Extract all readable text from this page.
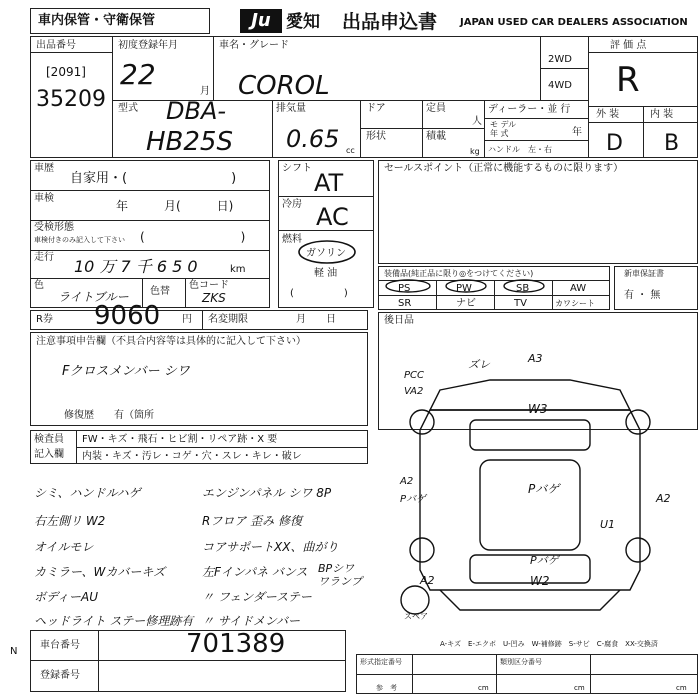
車内保管・守衛保管	Ju 愛知 出品申込書 JAPAN USED CAR DEALERS ASSOCIATION
出品番号
[2091]
35209
初度登録年月
22
月
車名・グレード
COROL
2WD
4WD
型式 DBA-
HB25S
排気量
0.65 cc
ドア	定員
人
形状	積載
kg
ディーラー・並 行
モ デル
年 式	年
ハンドル　左・右
評 価 点
R
外 装	内 装
D B
車歴
自家用・(　　　　　　　　)
車検
年　　　月(　　　日)
受検形態
車検付きのみ記入して下さい (　　　　　　　　)
走行 10 万 7 千 6 5 0	km
色
ライトブルー 色替
色コード
ZKS
シフト
AT
冷房 AC
燃料
ガソリン
軽 油
(　　　　　)
セールスポイント（正常に機能するものに限ります）
装備品(純正品に限り◎をつけてください)
PS	PW	SB	AW
SR	ナビ	TV	カワシート
新車保証書
有 ・ 無
R券 9060 円 名変期限	月　　日	後日品
注意事項申告欄（不具合内容等は具体的に記入して下さい）
Fクロスメンバー シワ
修復歴　　有（箇所
検査員
記入欄
FW・キズ・飛石・ヒビ割・リペア跡・X 要
内装・キズ・汚レ・コゲ・穴・スレ・キレ・破レ
シミ、ハンドルハゲ
右左側リ W2
オイルモレ
カミラー、Wカバーキズ
ボディーAU
ヘッドライト ステー修理跡有
エンジンパネル シワ 8P
Rフロア 歪み 修復
コアサポートXX、曲がり
左Fインパネ バンス
〃 フェンダーステー
〃 サイドメンバー
BPシワ
ワランプ
ズレ	A3
PCC
VA2
W3
A2
Pバゲ
Pバゲ
A2
U1
Pバゲ
W2
A2
スペア
A-キズ　E-エクボ　U-凹み　W-補修跡　S-サビ　C-腐食　XX-交換済
N
車台番号	701389
登録番号
形式指定番号	類別区分番号
参　考	cm	cm	cm
